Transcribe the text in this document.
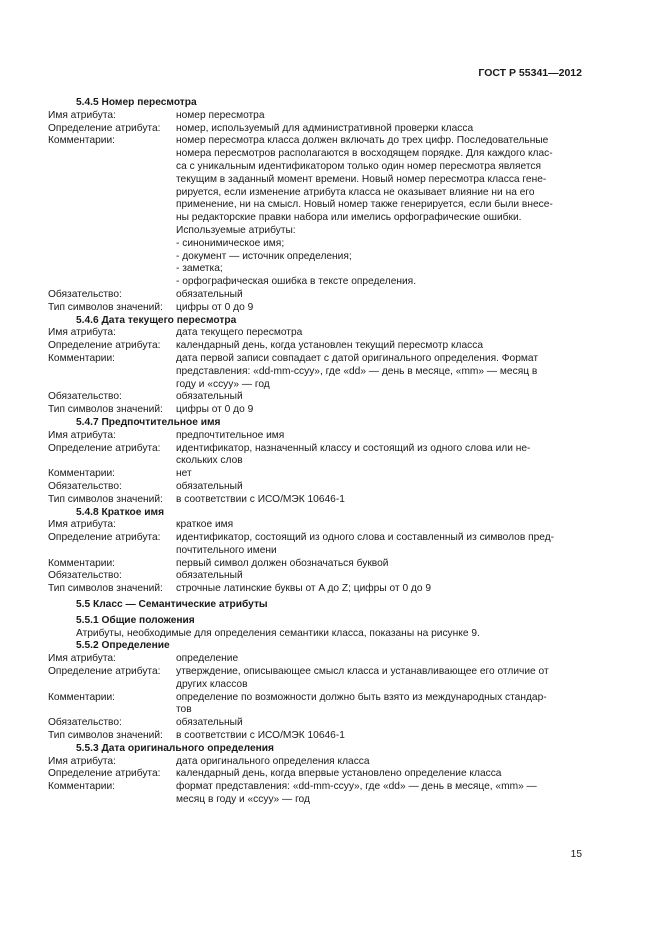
ГОСТ Р 55341—2012
5.4.5 Номер пересмотра
Имя атрибута:	номер пересмотра
Определение атрибута:	номер, используемый для административной проверки класса
Комментарии:	номер пересмотра класса должен включать до трех цифр. Последовательные
номера пересмотров располагаются в восходящем порядке. Для каждого клас-
са с уникальным идентификатором только один номер пересмотра является
текущим в заданный момент времени. Новый номер пересмотра класса гене-
рируется, если изменение атрибута класса не оказывает влияние ни на его
применение, ни на смысл. Новый номер также генерируется, если были внесе-
ны редакторские правки набора или имелись орфографические ошибки.
Используемые атрибуты:
- синонимическое имя;
- документ — источник определения;
- заметка;
- орфографическая ошибка в тексте определения.
Обязательство:	обязательный
Тип символов значений:	цифры от 0 до 9
5.4.6 Дата текущего пересмотра
Имя атрибута:	дата текущего пересмотра
Определение атрибута:	календарный день, когда установлен текущий пересмотр класса
Комментарии:	дата первой записи совпадает с датой оригинального определения. Формат
представления: «dd-mm-ccyy», где «dd» — день в месяце, «mm» — месяц в
году и «ccyy» — год
Обязательство:	обязательный
Тип символов значений:	цифры от 0 до 9
5.4.7 Предпочтительное имя
Имя атрибута:	предпочтительное имя
Определение атрибута:	идентификатор, назначенный классу и состоящий из одного слова или не-
скольких слов
Комментарии:	нет
Обязательство:	обязательный
Тип символов значений:	в соответствии с ИСО/МЭК 10646-1
5.4.8 Краткое имя
Имя атрибута:	краткое имя
Определение атрибута:	идентификатор, состоящий из одного слова и составленный из символов пред-
почтительного имени
Комментарии:	первый символ должен обозначаться буквой
Обязательство:	обязательный
Тип символов значений:	строчные латинские буквы от A до Z; цифры от 0 до 9
5.5 Класс — Семантические атрибуты
5.5.1 Общие положения
Атрибуты, необходимые для определения семантики класса, показаны на рисунке 9.
5.5.2 Определение
Имя атрибута:	определение
Определение атрибута:	утверждение, описывающее смысл класса и устанавливающее его отличие от
других классов
Комментарии:	определение по возможности должно быть взято из международных стандар-
тов
Обязательство:	обязательный
Тип символов значений:	в соответствии с ИСО/МЭК 10646-1
5.5.3 Дата оригинального определения
Имя атрибута:	дата оригинального определения класса
Определение атрибута:	календарный день, когда впервые установлено определение класса
Комментарии:	формат представления: «dd-mm-ccyy», где «dd» — день в месяце, «mm» —
месяц в году и «ccyy» — год
15
